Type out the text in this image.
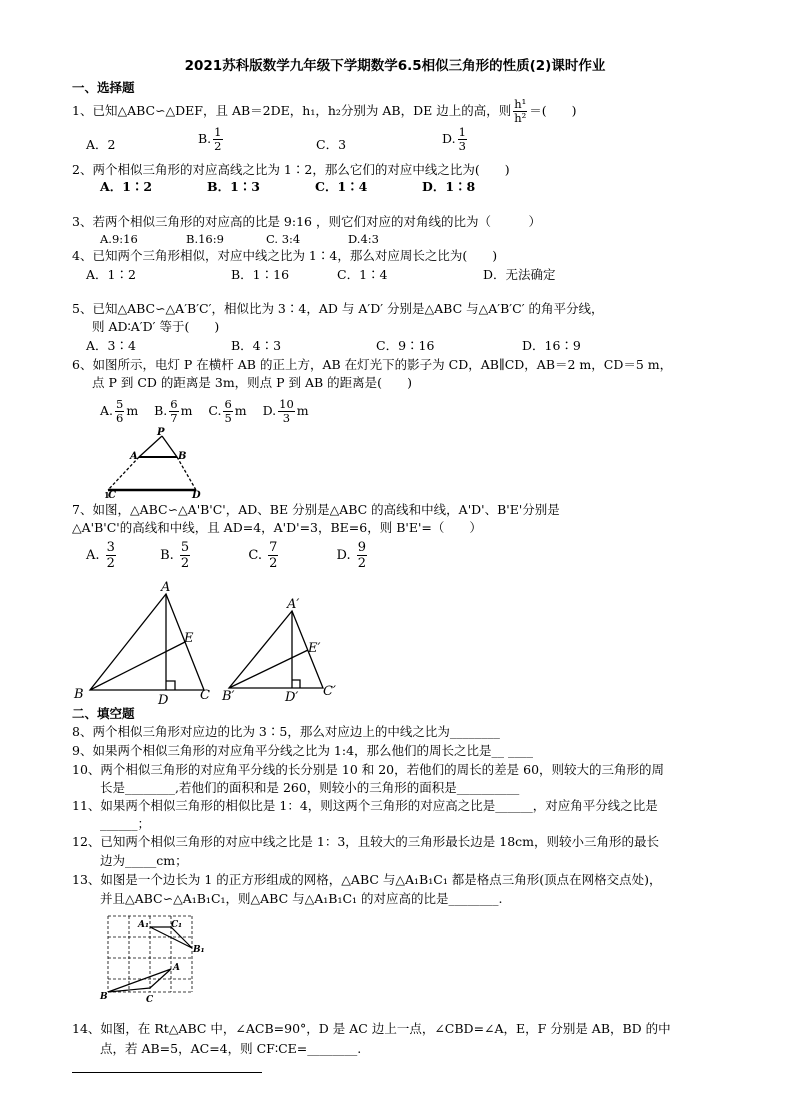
2021苏科版数学九年级下学期数学6.5相似三角形的性质(2)课时作业
一、选择题
1、已知△ABC∽△DEF，且 AB＝2DE，h₁，h₂分别为 AB，DE 边上的高，则 $\frac{\text{h¹}}{\text{h²}}$ ＝(　　)
A．2	B. $\frac{1}{2}$	C．3	D. $\frac{1}{3}$
2、两个相似三角形的对应高线之比为 1∶2，那么它们的对应中线之比为(　　)
A．1∶2	B．1∶3	C．1∶4	D．1∶8
3、若两个相似三角形的对应高的比是 9:16 ，则它们对应的对角线的比为（　　　）
A.9:16	B.16:9	C. 3:4	D.4:3
4、已知两个三角形相似，对应中线之比为 1∶4，那么对应周长之比为(　　)
A．1∶2	B．1∶16	C．1∶4	D．无法确定
5、已知△ABC∽△A′B′C′，相似比为 3∶4，AD 与 A′D′ 分别是△ABC 与△A′B′C′ 的角平分线，
则 AD∶A′D′ 等于(　　)
A．3∶4	B．4∶3	C．9∶16	D．16∶9
6、如图所示，电灯 P 在横杆 AB 的正上方，AB 在灯光下的影子为 CD，AB∥CD，AB＝2 m，CD＝5 m，
点 P 到 CD 的距离是 3m，则点 P 到 AB 的距离是(　　)
A. $\frac{5}{6}$ m B. $\frac{6}{7}$ m C. $\frac{6}{5}$ m D. $\frac{10}{3}$ m
P
A	B
1
C	D
7、如图，△ABC∽△A'B'C'，AD、BE 分别是△ABC 的高线和中线，A'D'、B'E'分别是
△A'B'C'的高线和中线，且 AD=4，A'D'=3，BE=6，则 B'E'=（　　）
A. $\frac{3}{2}$	B. $\frac{5}{2}$	C. $\frac{7}{2}$	D. $\frac{9}{2}$
A
B	C
D
E
A′
B′	C′
D′
E′
二、填空题
8、两个相似三角形对应边的比为 3∶5，那么对应边上的中线之比为________
9、如果两个相似三角形的对应角平分线之比为 1:4，那么他们的周长之比是__ ____
10、两个相似三角形的对应角平分线的长分别是 10 和 20，若他们的周长的差是 60，则较大的三角形的周
长是________,若他们的面积和是 260，则较小的三角形的面积是__________
11、如果两个相似三角形的相似比是 1：4，则这两个三角形的对应高之比是______，对应角平分线之比是
______；
12、已知两个相似三角形的对应中线之比是 1：3，且较大的三角形最长边是 18cm，则较小三角形的最长
边为_____cm；
13、如图是一个边长为 1 的正方形组成的网格，△ABC 与△A₁B₁C₁ 都是格点三角形(顶点在网格交点处)，
并且△ABC∽△A₁B₁C₁，则△ABC 与△A₁B₁C₁ 的对应高的比是________.
A₁ C₁
B₁
A
B	C
14、如图，在 Rt△ABC 中，∠ACB=90°，D 是 AC 边上一点，∠CBD=∠A，E，F 分别是 AB，BD 的中
点，若 AB=5，AC=4，则 CF∶CE=________.
